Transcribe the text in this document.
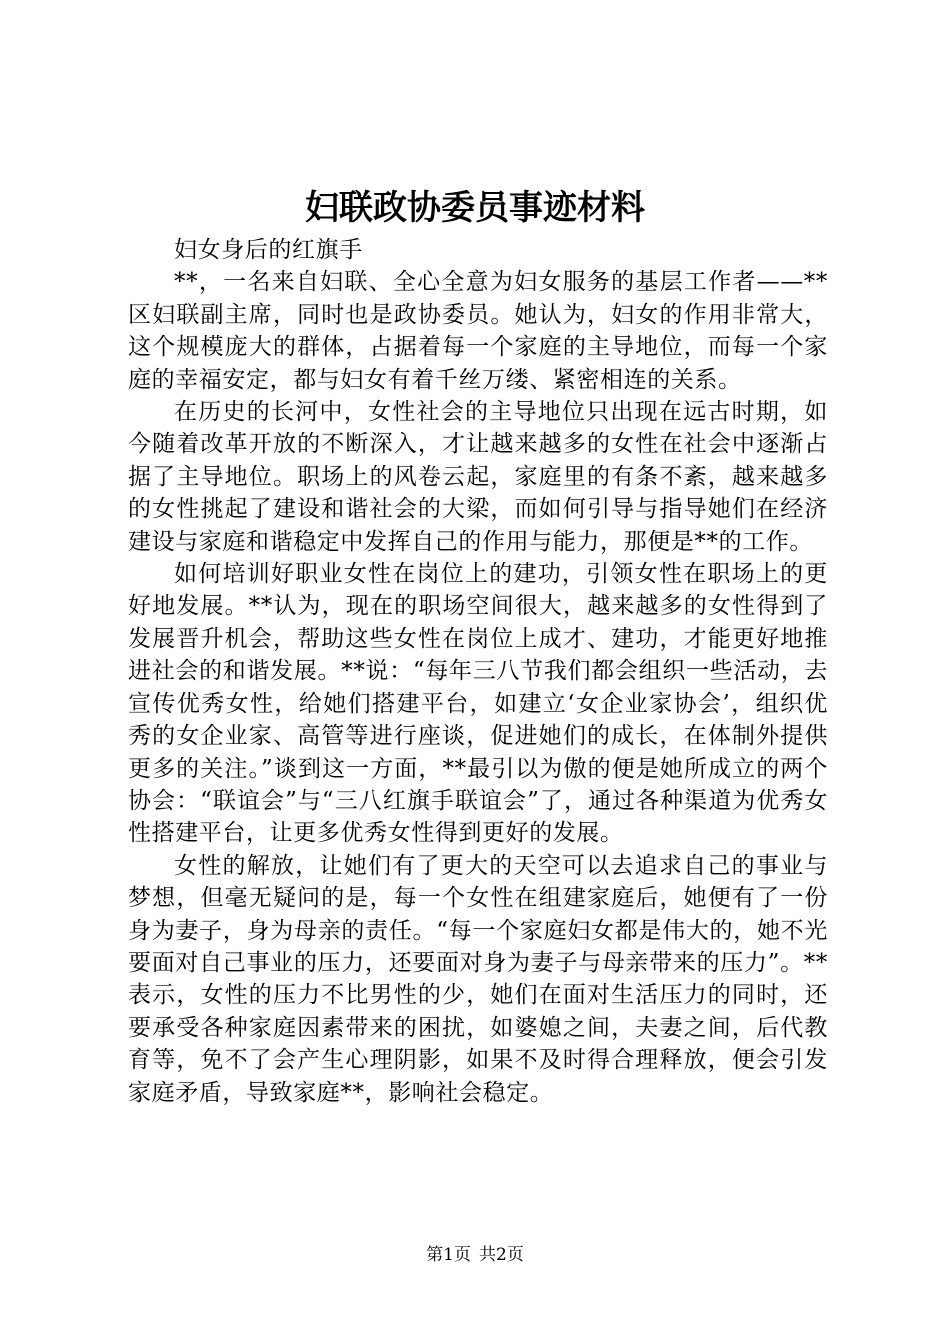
妇联政协委员事迹材料

妇女身后的红旗手

**，一名来自妇联、全心全意为妇女服务的基层工作者——**区妇联副主席，同时也是政协委员。她认为，妇女的作用非常大，这个规模庞大的群体，占据着每一个家庭的主导地位，而每一个家庭的幸福安定，都与妇女有着千丝万缕、紧密相连的关系。

在历史的长河中，女性社会的主导地位只出现在远古时期，如今随着改革开放的不断深入，才让越来越多的女性在社会中逐渐占据了主导地位。职场上的风卷云起，家庭里的有条不紊，越来越多的女性挑起了建设和谐社会的大梁，而如何引导与指导她们在经济建设与家庭和谐稳定中发挥自己的作用与能力，那便是**的工作。

如何培训好职业女性在岗位上的建功，引领女性在职场上的更好地发展。**认为，现在的职场空间很大，越来越多的女性得到了发展晋升机会，帮助这些女性在岗位上成才、建功，才能更好地推进社会的和谐发展。**说：“每年三八节我们都会组织一些活动，去宣传优秀女性，给她们搭建平台，如建立‘女企业家协会’，组织优秀的女企业家、高管等进行座谈，促进她们的成长，在体制外提供更多的关注。”谈到这一方面，**最引以为傲的便是她所成立的两个协会：“联谊会”与“三八红旗手联谊会”了，通过各种渠道为优秀女性搭建平台，让更多优秀女性得到更好的发展。

女性的解放，让她们有了更大的天空可以去追求自己的事业与梦想，但毫无疑问的是，每一个女性在组建家庭后，她便有了一份身为妻子，身为母亲的责任。“每一个家庭妇女都是伟大的，她不光要面对自己事业的压力，还要面对身为妻子与母亲带来的压力”。**表示，女性的压力不比男性的少，她们在面对生活压力的同时，还要承受各种家庭因素带来的困扰，如婆媳之间，夫妻之间，后代教育等，免不了会产生心理阴影，如果不及时得合理释放，便会引发家庭矛盾，导致家庭**，影响社会稳定。

第1页 共2页
